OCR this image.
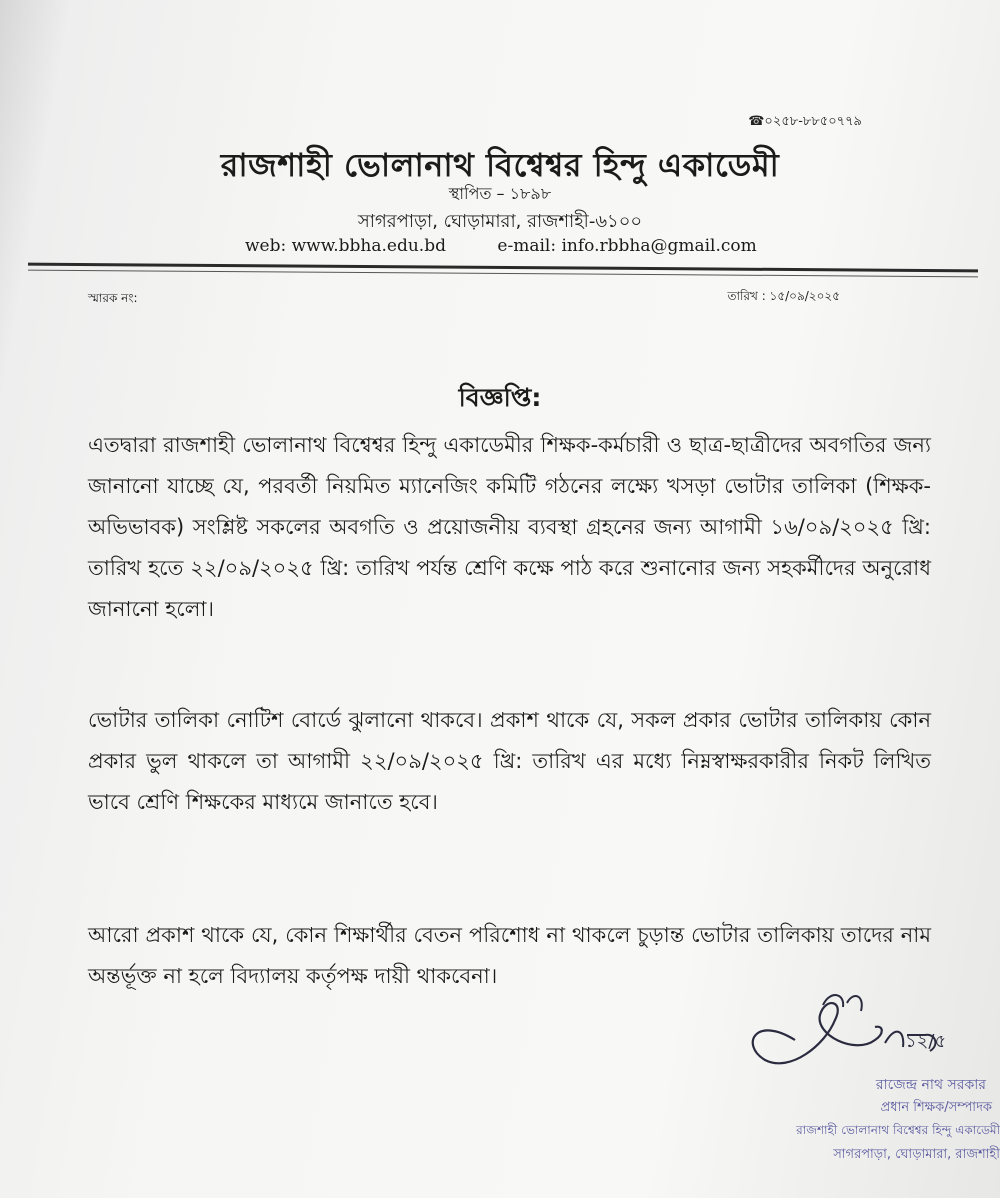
☎০২৫৮-৮৮৫০৭৭৯
রাজশাহী ভোলানাথ বিশ্বেশ্বর হিন্দু একাডেমী
স্থাপিত – ১৮৯৮
সাগরপাড়া, ঘোড়ামারা, রাজশাহী-৬১০০
web: www.bbha.edu.bd	e-mail: info.rbbha@gmail.com
স্মারক নং:	তারিখ : ১৫/০৯/২০২৫
বিজ্ঞপ্তি:

এতদ্বারা রাজশাহী ভোলানাথ বিশ্বেশ্বর হিন্দু একাডেমীর শিক্ষক-কর্মচারী ও ছাত্র-ছাত্রীদের অবগতির জন্য জানানো যাচ্ছে যে, পরবর্তী নিয়মিত ম্যানেজিং কমিটি গঠনের লক্ষ্যে খসড়া ভোটার তালিকা (শিক্ষক-অভিভাবক) সংশ্লিষ্ট সকলের অবগতি ও প্রয়োজনীয় ব্যবস্থা গ্রহনের জন্য আগামী ১৬/০৯/২০২৫ খ্রি: তারিখ হতে ২২/০৯/২০২৫ খ্রি: তারিখ পর্যন্ত শ্রেণি কক্ষে পাঠ করে শুনানোর জন্য সহকর্মীদের অনুরোধ জানানো হলো।

ভোটার তালিকা নোটিশ বোর্ডে ঝুলানো থাকবে। প্রকাশ থাকে যে, সকল প্রকার ভোটার তালিকায় কোন প্রকার ভুল থাকলে তা আগামী ২২/০৯/২০২৫ খ্রি: তারিখ এর মধ্যে নিম্নস্বাক্ষরকারীর নিকট লিখিত ভাবে শ্রেণি শিক্ষকের মাধ্যমে জানাতে হবে।

আরো প্রকাশ থাকে যে, কোন শিক্ষার্থীর বেতন পরিশোধ না থাকলে চুড়ান্ত ভোটার তালিকায় তাদের নাম অন্তর্ভূক্ত না হলে বিদ্যালয় কর্তৃপক্ষ দায়ী থাকবেনা।

১২/৫
রাজেন্দ্র নাথ সরকার
প্রধান শিক্ষক/সম্পাদক
রাজশাহী ভোলানাথ বিশ্বেশ্বর হিন্দু একাডেমী
সাগরপাড়া, ঘোড়ামারা, রাজশাহী
